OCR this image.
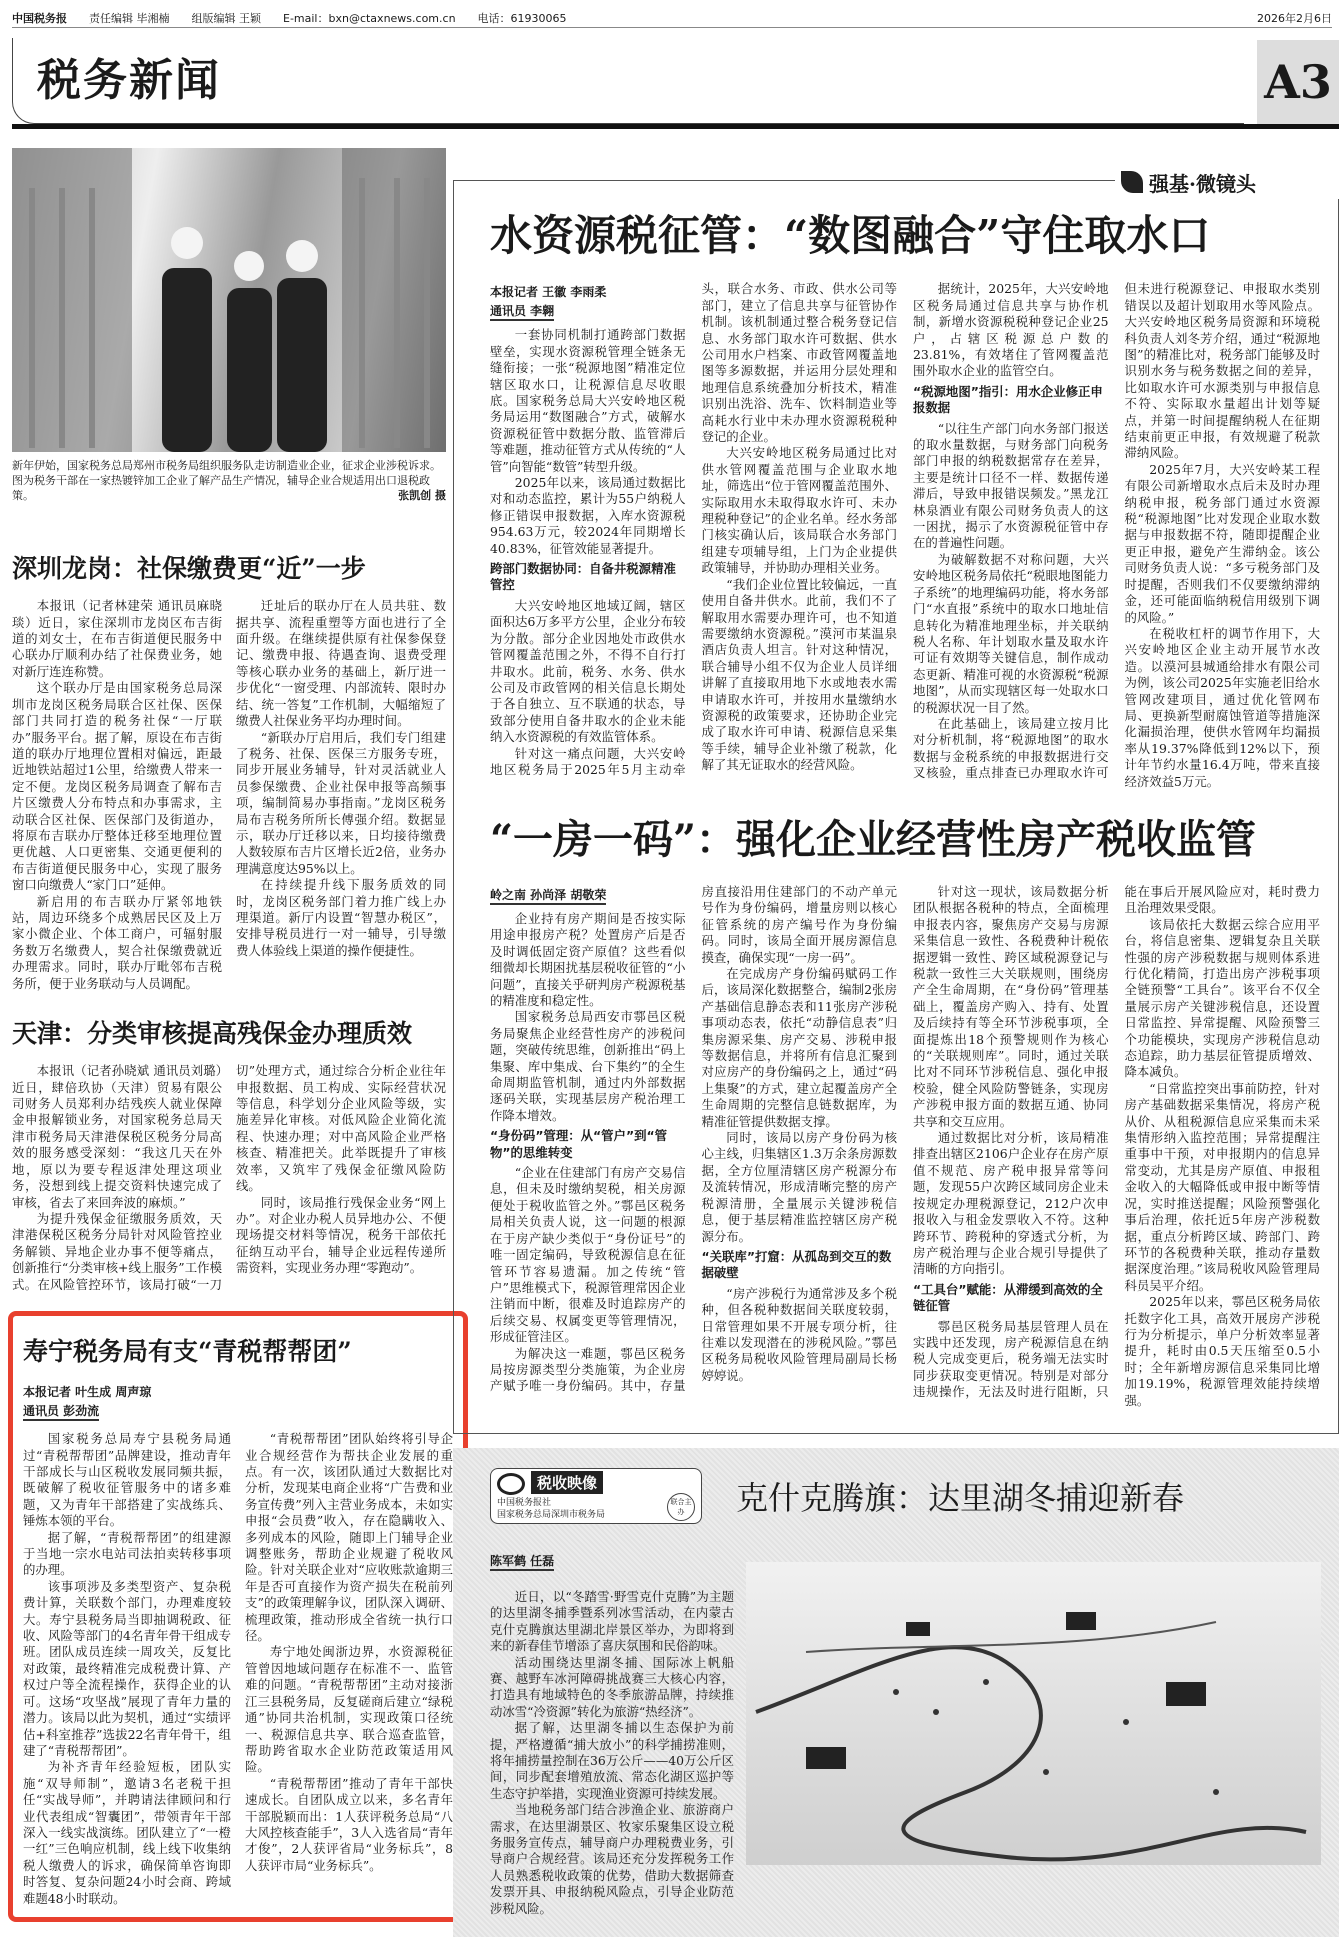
中国税务报 责任编辑 毕湘楠 组版编辑 王颖 E-mail：bxn@ctaxnews.com.cn 电话：61930065	2026年2月6日
税务新闻	A3
新年伊始，国家税务总局郑州市税务局组织服务队走访制造业企业，征求企业涉税诉求。图为税务干部在一家热镀锌加工企业了解产品生产情况，辅导企业合规适用出口退税政策。	张凯创 摄
深圳龙岗：社保缴费更“近”一步

本报讯（记者林建荣 通讯员麻晓琰）近日，家住深圳市龙岗区布吉街道的刘女士，在布吉街道便民服务中心联办厅顺利办结了社保费业务，她对新厅连连称赞。

这个联办厅是由国家税务总局深圳市龙岗区税务局联合区社保、医保部门共同打造的税务社保“一厅联办”服务平台。据了解，原设在布吉街道的联办厅地理位置相对偏远，距最近地铁站超过1公里，给缴费人带来一定不便。龙岗区税务局调查了解布吉片区缴费人分布特点和办事需求，主动联合区社保、医保部门及街道办，将原布吉联办厅整体迁移至地理位置更优越、人口更密集、交通更便利的布吉街道便民服务中心，实现了服务窗口向缴费人“家门口”延伸。

新启用的布吉联办厅紧邻地铁站，周边环绕多个成熟居民区及上万家小微企业、个体工商户，可辐射服务数万名缴费人，契合社保缴费就近办理需求。同时，联办厅毗邻布吉税务所，便于业务联动与人员调配。

迁址后的联办厅在人员共驻、数据共享、流程重塑等方面也进行了全面升级。在继续提供原有社保参保登记、缴费申报、待遇查询、退费受理等核心联办业务的基础上，新厅进一步优化“一窗受理、内部流转、限时办结、统一答复”工作机制，大幅缩短了缴费人社保业务平均办理时间。

“新联办厅启用后，我们专门组建了税务、社保、医保三方服务专班，同步开展业务辅导，针对灵活就业人员参保缴费、企业社保申报等高频事项，编制简易办事指南。”龙岗区税务局布吉税务所所长傅强介绍。数据显示，联办厅迁移以来，日均接待缴费人数较原布吉片区增长近2倍，业务办理满意度达95%以上。

在持续提升线下服务质效的同时，龙岗区税务部门着力推广线上办理渠道。新厅内设置“智慧办税区”，安排导税员进行一对一辅导，引导缴费人体验线上渠道的操作便捷性。

天津：分类审核提高残保金办理质效

本报讯（记者孙晓斌 通讯员刘璐）近日，肆倍玖协（天津）贸易有限公司财务人员郑利办结残疾人就业保障金申报解锁业务，对国家税务总局天津市税务局天津港保税区税务分局高效的服务感受深刻：“我这几天在外地，原以为要专程返津处理这项业务，没想到线上提交资料快速完成了审核，省去了来回奔波的麻烦。”

为提升残保金征缴服务质效，天津港保税区税务分局针对风险管控业务解锁、异地企业办事不便等痛点，创新推行“分类审核+线上服务”工作模式。在风险管控环节，该局打破“一刀切”处理方式，通过综合分析企业往年申报数据、员工构成、实际经营状况等信息，科学划分企业风险等级，实施差异化审核。对低风险企业简化流程、快速办理；对中高风险企业严格核查、精准把关。此举既提升了审核效率，又筑牢了残保金征缴风险防线。

同时，该局推行残保金业务“网上办”。对企业办税人员异地办公、不便现场提交材料等情况，税务干部依托征纳互动平台，辅导企业远程传递所需资料，实现业务办理“零跑动”。

寿宁税务局有支“青税帮帮团”
本报记者 叶生成 周声琼
通讯员 彭劲流

国家税务总局寿宁县税务局通过“青税帮帮团”品牌建设，推动青年干部成长与山区税收发展同频共振，既破解了税收征管服务中的诸多难题，又为青年干部搭建了实战练兵、锤炼本领的平台。

据了解，“青税帮帮团”的组建源于当地一宗水电站司法拍卖转移事项的办理。

该事项涉及多类型资产、复杂税费计算，关联数个部门，办理难度较大。寿宁县税务局当即抽调税政、征收、风险等部门的4名青年骨干组成专班。团队成员连续一周攻关，反复比对政策，最终精准完成税费计算、产权过户等全流程操作，获得企业的认可。这场“攻坚战”展现了青年力量的潜力。该局以此为契机，通过“实绩评估+科室推荐”选拔22名青年骨干，组建了“青税帮帮团”。

为补齐青年经验短板，团队实施“双导师制”，邀请3名老税干担任“实战导师”，并聘请法律顾问和行业代表组成“智囊团”，带领青年干部深入一线实战演练。团队建立了“一橙一红”三色响应机制，线上线下收集纳税人缴费人的诉求，确保简单咨询即时答复、复杂问题24小时会商、跨域难题48小时联动。

“青税帮帮团”团队始终将引导企业合规经营作为帮扶企业发展的重点。有一次，该团队通过大数据比对分析，发现某电商企业将“广告费和业务宣传费”列入主营业务成本，未如实申报“会员费”收入，存在隐瞒收入、多列成本的风险，随即上门辅导企业调整账务，帮助企业规避了税收风险。针对关联企业对“应收账款逾期三年是否可直接作为资产损失在税前列支”的政策理解争议，团队深入调研、梳理政策，推动形成全省统一执行口径。

寿宁地处闽浙边界，水资源税征管曾因地域问题存在标准不一、监管难的问题。“青税帮帮团”主动对接浙江三县税务局，反复磋商后建立“绿税通”协同共治机制，实现政策口径统一、税源信息共享、联合巡查监管，帮助跨省取水企业防范政策适用风险。

“青税帮帮团”推动了青年干部快速成长。自团队成立以来，多名青年干部脱颖而出：1人获评税务总局“八大风控核查能手”，3人入选省局“青年才俊”，2人获评省局“业务标兵”，8人获评市局“业务标兵”。

强基·微镜头
水资源税征管：“数图融合”守住取水口
本报记者 王徽 李雨柔
通讯员 李翱

一套协同机制打通跨部门数据壁垒，实现水资源税管理全链条无缝衔接；一张“税源地图”精准定位辖区取水口，让税源信息尽收眼底。国家税务总局大兴安岭地区税务局运用“数图融合”方式，破解水资源税征管中数据分散、监管滞后等难题，推动征管方式从传统的“人管”向智能“数管”转型升级。

2025年以来，该局通过数据比对和动态监控，累计为55户纳税人修正错误申报数据，入库水资源税954.63万元，较2024年同期增长40.83%，征管效能显著提升。

跨部门数据协同：自备井税源精准管控

大兴安岭地区地域辽阔，辖区面积达6万多平方公里，企业分布较为分散。部分企业因地处市政供水管网覆盖范围之外，不得不自行打井取水。此前，税务、水务、供水公司及市政管网的相关信息长期处于各自独立、互不联通的状态，导致部分使用自备井取水的企业未能纳入水资源税的有效监管体系。

针对这一痛点问题，大兴安岭地区税务局于2025年5月主动牵头，联合水务、市政、供水公司等部门，建立了信息共享与征管协作机制。该机制通过整合税务登记信息、水务部门取水许可数据、供水公司用水户档案、市政管网覆盖地图等多源数据，并运用分层处理和地理信息系统叠加分析技术，精准识别出洗浴、洗车、饮料制造业等高耗水行业中未办理水资源税税种登记的企业。

大兴安岭地区税务局通过比对供水管网覆盖范围与企业取水地址，筛选出“位于管网覆盖范围外、实际取用水未取得取水许可、未办理税种登记”的企业名单。经水务部门核实确认后，该局联合水务部门组建专项辅导组，上门为企业提供政策辅导，并协助办理相关业务。

“我们企业位置比较偏远，一直使用自备井供水。此前，我们不了解取用水需要办理许可，也不知道需要缴纳水资源税。”漠河市某温泉酒店负责人坦言。针对这种情况，联合辅导小组不仅为企业人员详细讲解了直接取用地下水或地表水需申请取水许可，并按用水量缴纳水资源税的政策要求，还协助企业完成了取水许可申请、税源信息采集等手续，辅导企业补缴了税款，化解了其无证取水的经营风险。

据统计，2025年，大兴安岭地区税务局通过信息共享与协作机制，新增水资源税税种登记企业25户，占辖区税源总户数的23.81%，有效堵住了管网覆盖范围外取水企业的监管空白。

“税源地图”指引：用水企业修正申报数据

“以往生产部门向水务部门报送的取水量数据，与财务部门向税务部门申报的纳税数据常存在差异，主要是统计口径不一样、数据传递滞后，导致申报错误频发。”黑龙江林泉酒业有限公司财务负责人的这一困扰，揭示了水资源税征管中存在的普遍性问题。

为破解数据不对称问题，大兴安岭地区税务局依托“税眼地图能力子系统”的地理编码功能，将水务部门“水直报”系统中的取水口地址信息转化为精准地理坐标，并关联纳税人名称、年计划取水量及取水许可证有效期等关键信息，制作成动态更新、精准可视的水资源税“税源地图”，从而实现辖区每一处取水口的税源状况一目了然。

在此基础上，该局建立按月比对分析机制，将“税源地图”的取水数据与金税系统的申报数据进行交叉核验，重点排查已办理取水许可但未进行税源登记、申报取水类别错误以及超计划取用水等风险点。大兴安岭地区税务局资源和环境税科负责人刘冬芳介绍，通过“税源地图”的精准比对，税务部门能够及时识别水务与税务数据之间的差异，比如取水许可水源类别与申报信息不符、实际取水量超出计划等疑点，并第一时间提醒纳税人在征期结束前更正申报，有效规避了税款滞纳风险。

2025年7月，大兴安岭某工程有限公司新增取水点后未及时办理纳税申报，税务部门通过水资源税“税源地图”比对发现企业取水数据与申报数据不符，随即提醒企业更正申报，避免产生滞纳金。该公司财务负责人说：“多亏税务部门及时提醒，否则我们不仅要缴纳滞纳金，还可能面临纳税信用级别下调的风险。”

在税收杠杆的调节作用下，大兴安岭地区企业主动开展节水改造。以漠河县城通给排水有限公司为例，该公司2025年实施老旧给水管网改建项目，通过优化管网布局、更换新型耐腐蚀管道等措施深化漏损治理，使供水管网年均漏损率从19.37%降低到12%以下，预计年节约水量16.4万吨，带来直接经济效益5万元。

“一房一码”：强化企业经营性房产税收监管
岭之南 孙尚泽 胡敬荣

企业持有房产期间是否按实际用途申报房产税？处置房产后是否及时调低固定资产原值？这些看似细微却长期困扰基层税收征管的“小问题”，直接关乎研判房产税源税基的精准度和稳定性。

国家税务总局西安市鄠邑区税务局聚焦企业经营性房产的涉税问题，突破传统思维，创新推出“码上集聚、库中集成、台下集约”的全生命周期监管机制，通过内外部数据逐码关联，实现基层房产税治理工作降本增效。

“身份码”管理：从“管户”到“管物”的思维转变

“企业在住建部门有房产交易信息，但未及时缴纳契税，相关房源便处于税收监管之外。”鄠邑区税务局相关负责人说，这一问题的根源在于房产缺少类似于“身份证号”的唯一固定编码，导致税源信息在征管环节容易遗漏。加之传统“管户”思维模式下，税源管理常因企业注销而中断，很难及时追踪房产的后续交易、权属变更等管理情况，形成征管洼区。

为解决这一难题，鄠邑区税务局按房源类型分类施策，为企业房产赋予唯一身份编码。其中，存量房直接沿用住建部门的不动产单元号作为身份编码，增量房则以核心征管系统的房产编号作为身份编码。同时，该局全面开展房源信息摸查，确保实现“一房一码”。

在完成房产身份编码赋码工作后，该局深化数据整合，编制2张房产基础信息静态表和11张房产涉税事项动态表，依托“动静信息表”归集房源采集、房产交易、涉税申报等数据信息，并将所有信息汇聚到对应房产的身份编码之上，通过“码上集聚”的方式，建立起覆盖房产全生命周期的完整信息链数据库，为精准征管提供数据支撑。

同时，该局以房产身份码为核心主线，归集辖区1.3万余条房源数据，全方位厘清辖区房产税源分布及流转情况，形成清晰完整的房产税源清册，全量展示关键涉税信息，便于基层精准监控辖区房产税源分布。

“关联库”打窟：从孤岛到交互的数据破壁

“房产涉税行为通常涉及多个税种，但各税种数据间关联度较弱，日常管理如果不开展专项分析，往往难以发现潜在的涉税风险。”鄠邑区税务局税收风险管理局副局长杨婷婷说。

针对这一现状，该局数据分析团队根据各税种的特点，全面梳理申报表内容，聚焦房产交易与房源采集信息一致性、各税费种计税依据逻辑一致性、跨区域税源登记与税款一致性三大关联规则，围绕房产全生命周期，在“身份码”管理基础上，覆盖房产购入、持有、处置及后续持有等全环节涉税事项，全面提炼出18个预警规则作为核心的“关联规则库”。同时，通过关联比对不同环节涉税信息、强化申报校验，健全风险防警链条，实现房产涉税申报方面的数据互通、协同共享和交互应用。

通过数据比对分析，该局精准排查出辖区2106户企业存在房产原值不规范、房产税申报异常等问题，发现55户次跨区域同房企业未按规定办理税源登记，212户次申报收入与租金发票收入不符。这种跨环节、跨税种的穿透式分析，为房产税治理与企业合规引导提供了清晰的方向指引。

“工具台”赋能：从滞缓到高效的全链征管

鄠邑区税务局基层管理人员在实践中还发现，房产税源信息在纳税人完成变更后，税务端无法实时同步获取变更情况。特别是对部分违规操作，无法及时进行阻断，只能在事后开展风险应对，耗时费力且治理效果受限。

该局依托大数据云综合应用平台，将信息密集、逻辑复杂且关联性强的房产涉税数据与规则体系进行优化精简，打造出房产涉税事项全链预警“工具台”。该平台不仅全量展示房产关键涉税信息，还设置日常监控、异常提醒、风险预警三个功能模块，实现房产涉税信息动态追踪，助力基层征管提质增效、降本减负。

“日常监控突出事前防控，针对房产基础数据采集情况，将房产税从价、从租税源信息应采集而未采集情形纳入监控范围；异常提醒注重事中干预，对申报期内的信息异常变动，尤其是房产原值、申报租金收入的大幅降低或申报中断等情况，实时推送提醒；风险预警强化事后治理，依托近5年房产涉税数据，重点分析跨区域、跨部门、跨环节的各税费种关联，推动存量数据深度治理。”该局税收风险管理局科员吴平介绍。

2025年以来，鄠邑区税务局依托数字化工具，高效开展房产涉税行为分析提示，单户分析效率显著提升，耗时由0.5天压缩至0.5小时；全年新增房源信息采集同比增加19.19%，税源管理效能持续增强。

税收映像
中国税务报社
国家税务总局深圳市税务局
联合主办	克什克腾旗：达里湖冬捕迎新春
陈军鹤 任磊

近日，以“冬踏雪·野雪克什克腾”为主题的达里湖冬捕季暨系列冰雪活动，在内蒙古克什克腾旗达里湖北岸景区举办，为即将到来的新春佳节增添了喜庆氛围和民俗韵味。

活动围绕达里湖冬捕、国际冰上帆船赛、越野车冰河障碍挑战赛三大核心内容，打造具有地域特色的冬季旅游品牌，持续推动冰雪“冷资源”转化为旅游“热经济”。

据了解，达里湖冬捕以生态保护为前提，严格遵循“捕大放小”的科学捕捞准则，将年捕捞量控制在36万公斤——40万公斤区间，同步配套增殖放流、常态化湖区巡护等生态守护举措，实现渔业资源可持续发展。

当地税务部门结合涉渔企业、旅游商户需求，在达里湖景区、牧家乐聚集区设立税务服务宣传点，辅导商户办理税费业务，引导商户合规经营。该局还充分发挥税务工作人员熟悉税收政策的优势，借助大数据筛查发票开具、申报纳税风险点，引导企业防范涉税风险。
